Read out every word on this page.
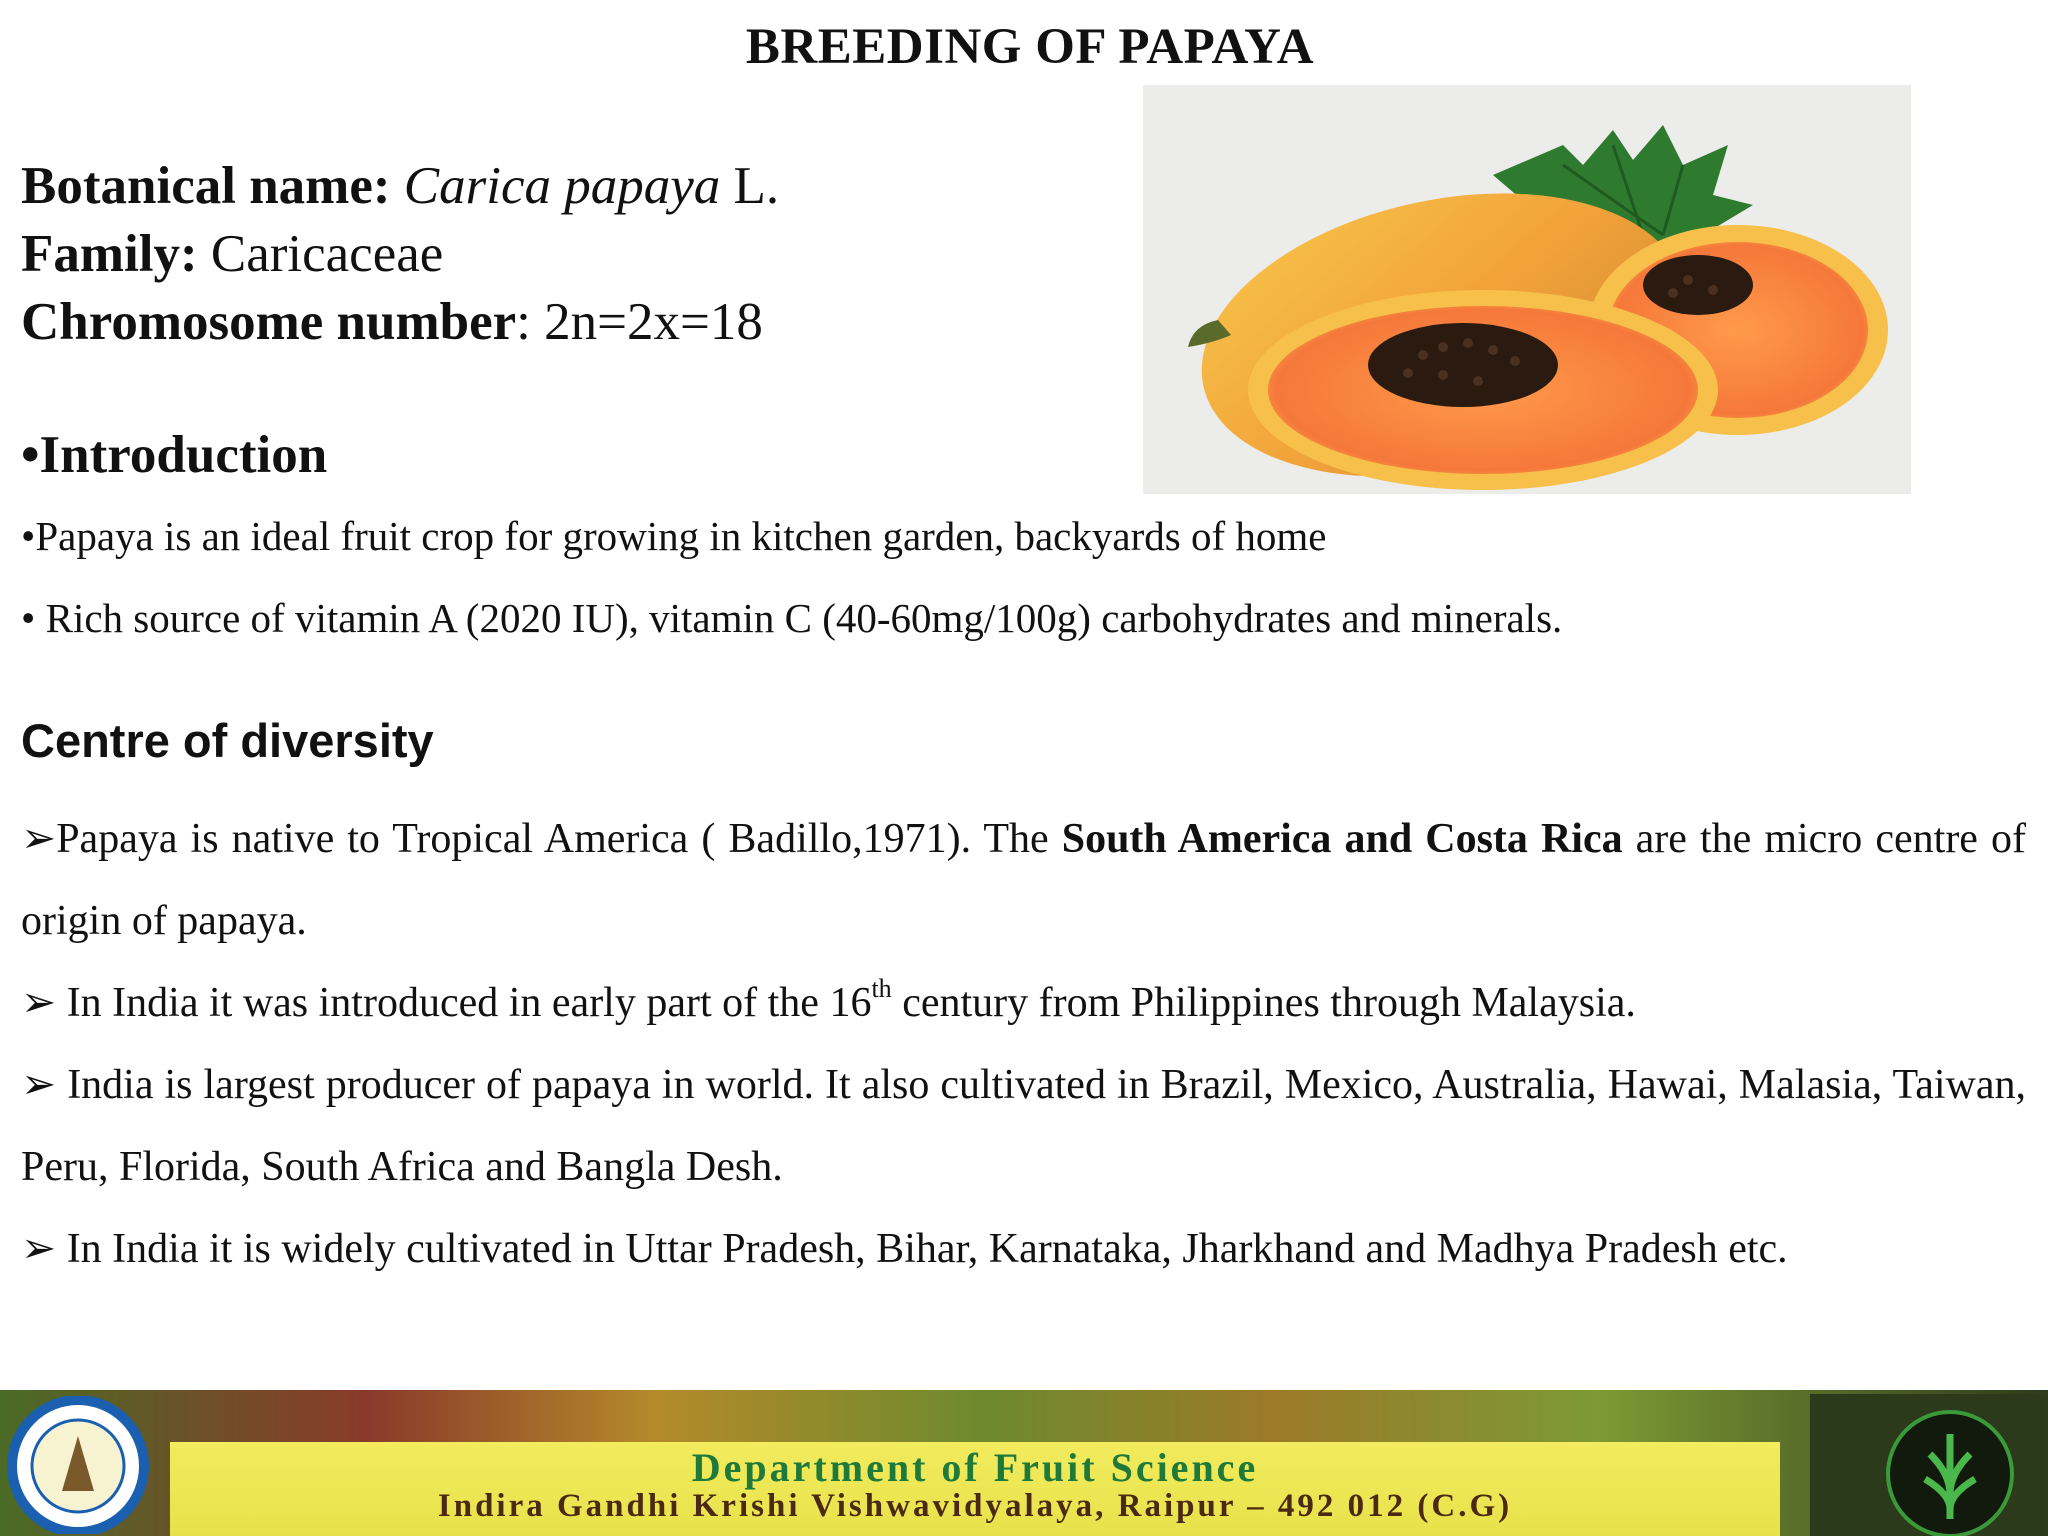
BREEDING OF PAPAYA
Botanical name: Carica papaya L.
Family: Caricaceae
Chromosome number: 2n=2x=18
•Introduction
•Papaya is an ideal fruit crop for growing in kitchen garden, backyards of home
• Rich source of vitamin A (2020 IU), vitamin C (40-60mg/100g) carbohydrates and minerals.
Centre of diversity

➢Papaya is native to Tropical America ( Badillo,1971). The South America and Costa Rica are the micro centre of origin of papaya.

➢ In India it was introduced in early part of the 16th century from Philippines through Malaysia.

➢ India is largest producer of papaya in world. It also cultivated in Brazil, Mexico, Australia, Hawai, Malasia, Taiwan, Peru, Florida, South Africa and Bangla Desh.

➢ In India it is widely cultivated in Uttar Pradesh, Bihar, Karnataka, Jharkhand and Madhya Pradesh etc.

Department of Fruit Science
Indira Gandhi Krishi Vishwavidyalaya, Raipur – 492 012 (C.G)
